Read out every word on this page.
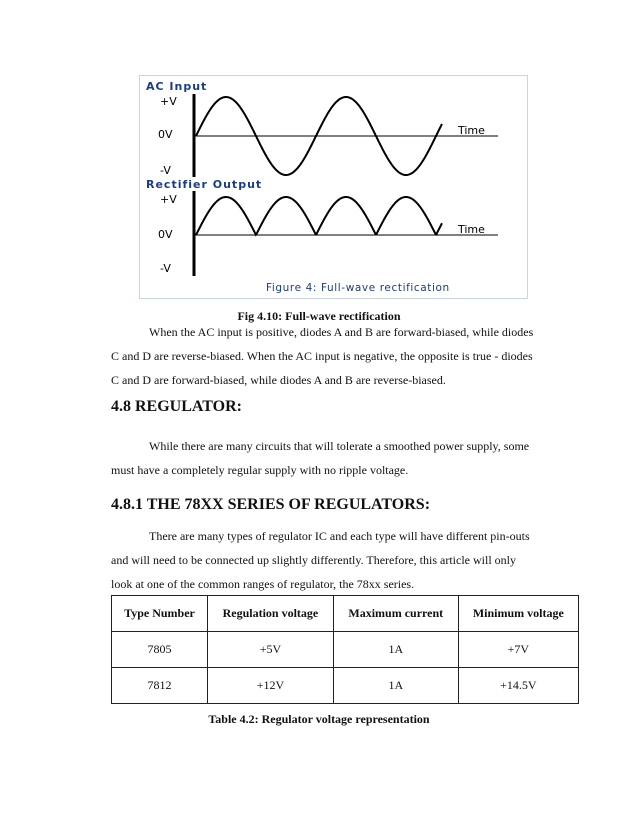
AC Input
+V
0V
-V
Time
Rectifier Output
+V
0V
-V
Time
Figure 4: Full-wave rectification
Fig 4.10: Full-wave rectification
When the AC input is positive, diodes A and B are forward-biased, while diodes
C and D are reverse-biased. When the AC input is negative, the opposite is true - diodes
C and D are forward-biased, while diodes A and B are reverse-biased.
4.8 REGULATOR:
While there are many circuits that will tolerate a smoothed power supply, some
must have a completely regular supply with no ripple voltage.
4.8.1 THE 78XX SERIES OF REGULATORS:
There are many types of regulator IC and each type will have different pin-outs
and will need to be connected up slightly differently. Therefore, this article will only
look at one of the common ranges of regulator, the 78xx series.
Type Number	Regulation voltage	Maximum current	Minimum voltage
7805	+5V	1A	+7V
7812	+12V	1A	+14.5V
Table 4.2: Regulator voltage representation
